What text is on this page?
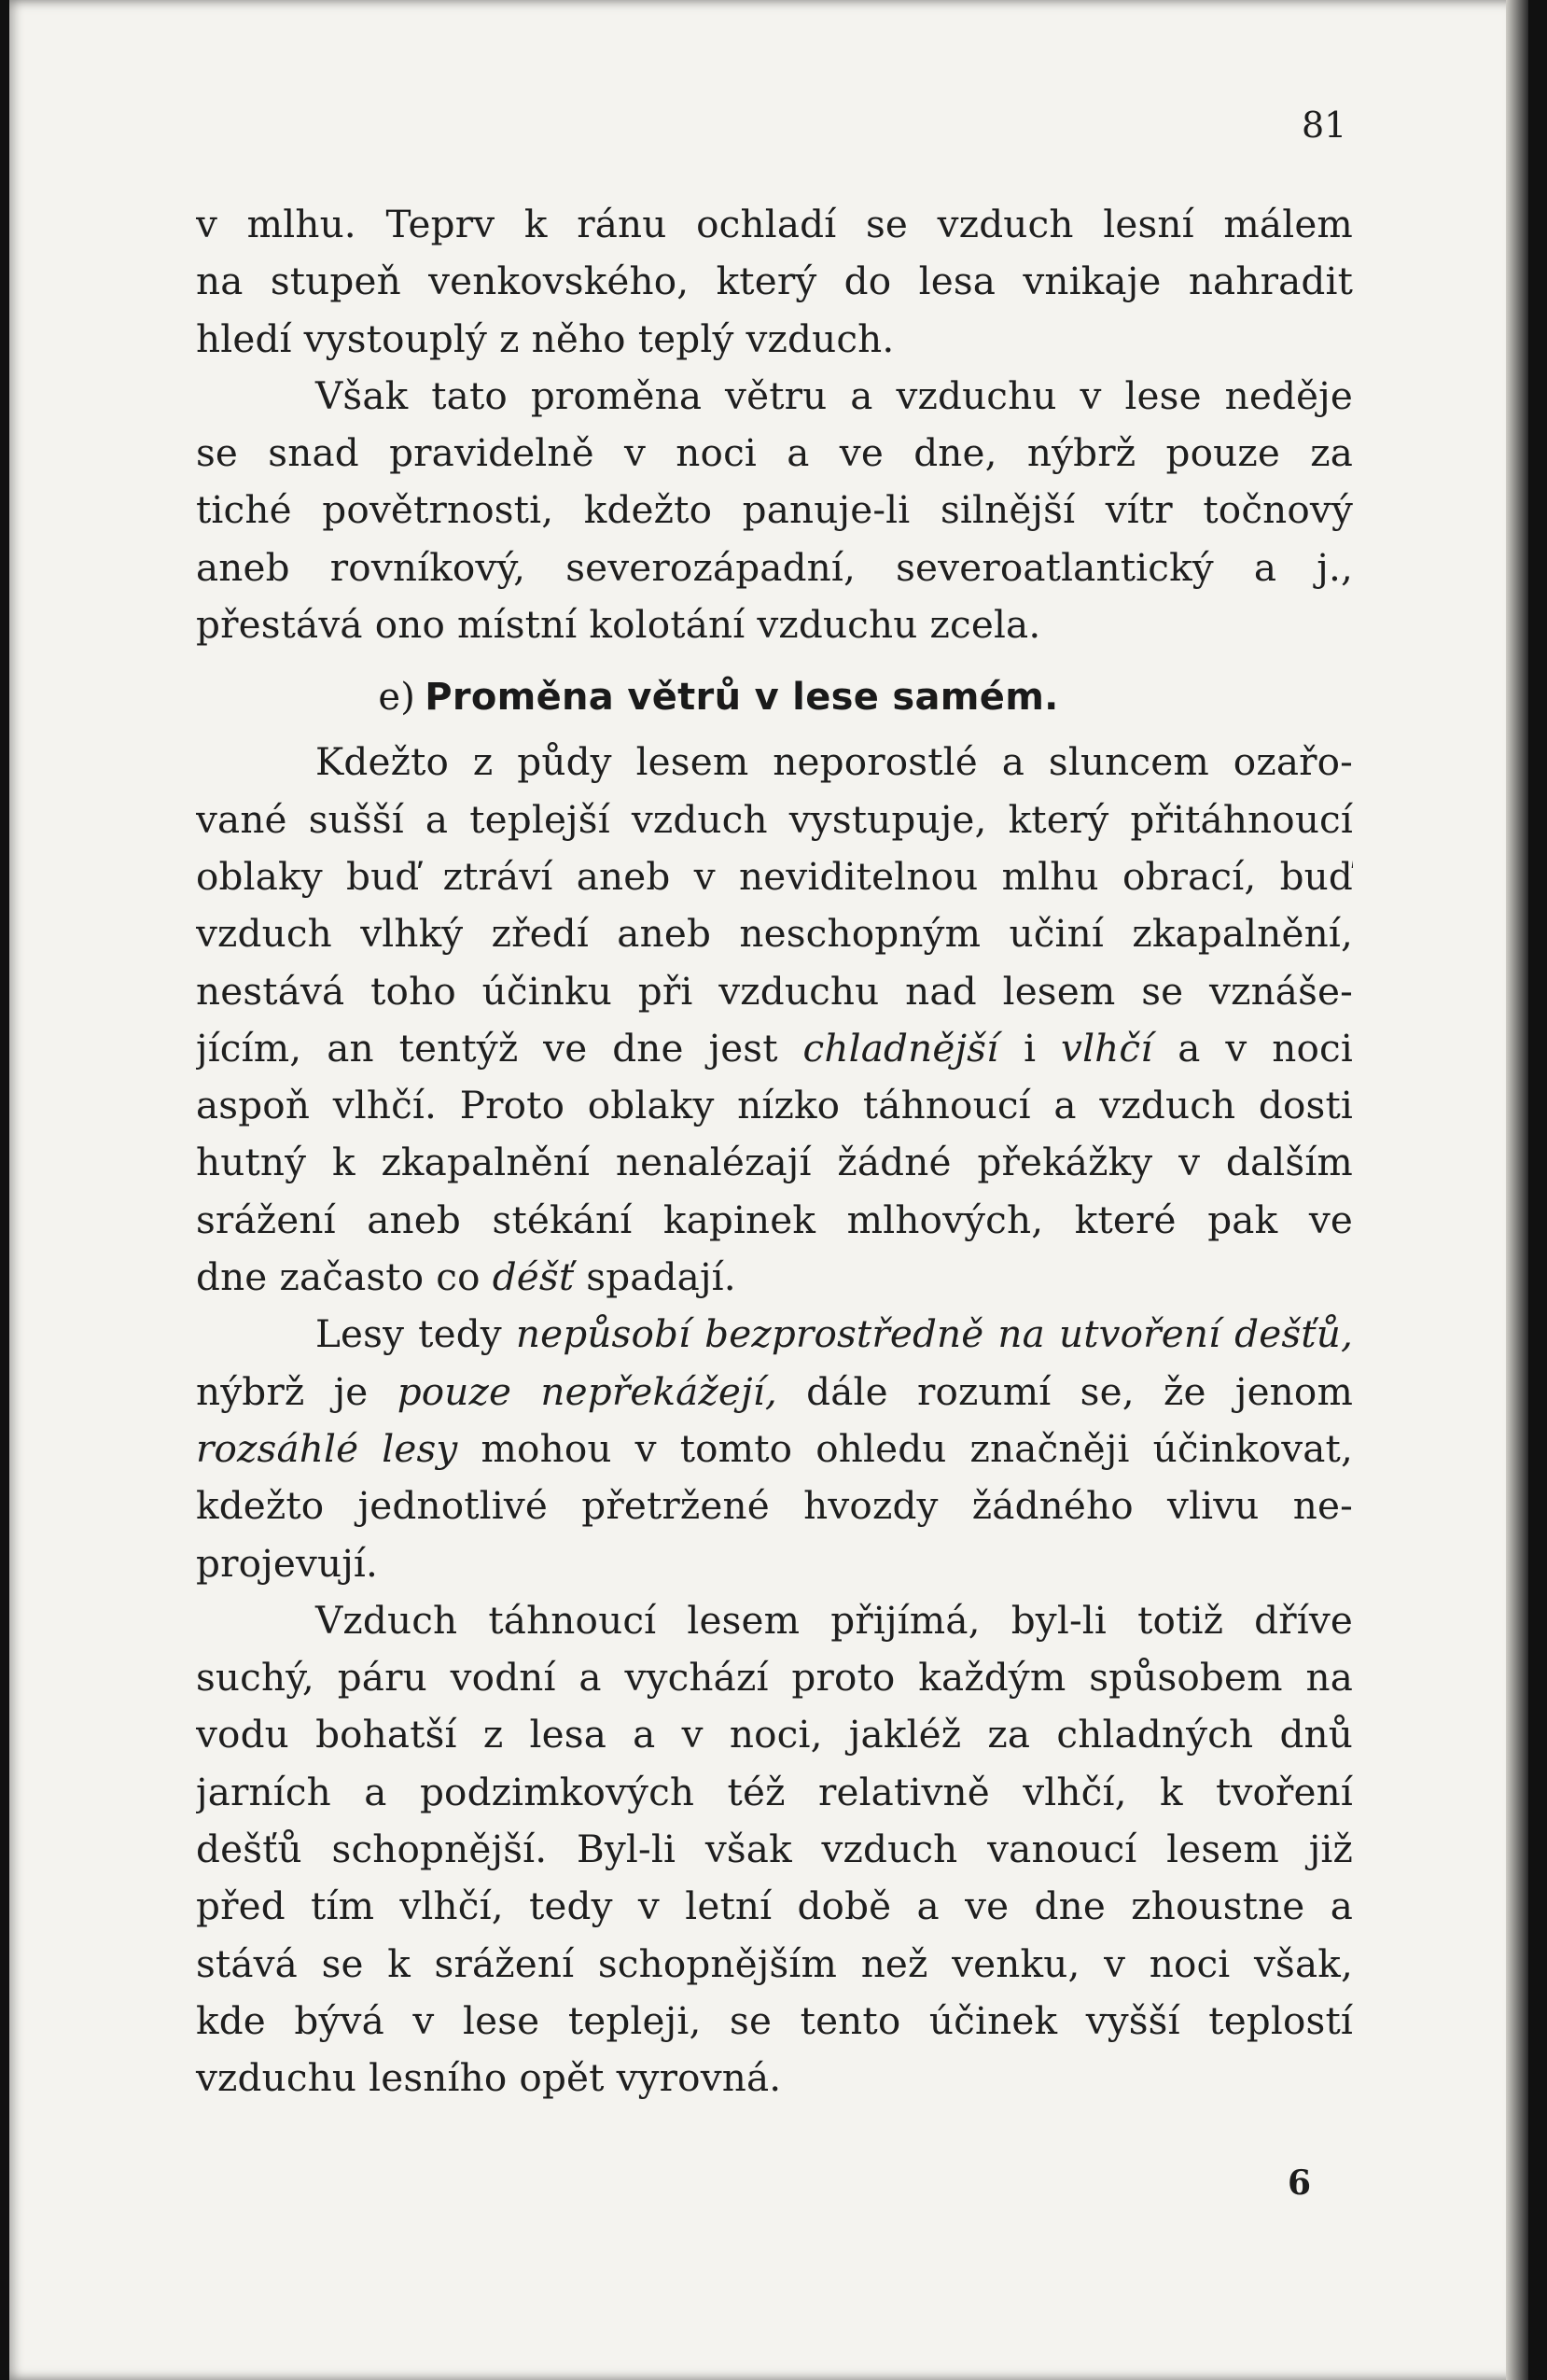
81
v mlhu. Teprv k ránu ochladí se vzduch lesní málem
na stupeň venkovského, který do lesa vnikaje nahradit
hledí vystouplý z něho teplý vzduch.
Však tato proměna větru a vzduchu v lese neděje
se snad pravidelně v noci a ve dne, nýbrž pouze za
tiché povětrnosti, kdežto panuje-li silnější vítr točnový
aneb rovníkový, severozápadní, severoatlantický a j.,
přestává ono místní kolotání vzduchu zcela.
e) Proměna větrů v lese samém.
Kdežto z půdy lesem neporostlé a sluncem ozařo-
vané sušší a teplejší vzduch vystupuje, který přitáhnoucí
oblaky buď ztráví aneb v neviditelnou mlhu obrací, buď
vzduch vlhký zředí aneb neschopným učiní zkapalnění,
nestává toho účinku při vzduchu nad lesem se vznáše-
jícím, an tentýž ve dne jest chladnější i vlhčí a v noci
aspoň vlhčí. Proto oblaky nízko táhnoucí a vzduch dosti
hutný k zkapalnění nenalézají žádné překážky v dalším
srážení aneb stékání kapinek mlhových, které pak ve
dne začasto co déšť spadají.
Lesy tedy nepůsobí bezprostředně na utvoření dešťů,
nýbrž je pouze nepřekážejí, dále rozumí se, že jenom
rozsáhlé lesy mohou v tomto ohledu značněji účinkovat,
kdežto jednotlivé přetržené hvozdy žádného vlivu ne-
projevují.
Vzduch táhnoucí lesem přijímá, byl-li totiž dříve
suchý, páru vodní a vychází proto každým spůsobem na
vodu bohatší z lesa a v noci, jakléž za chladných dnů
jarních a podzimkových též relativně vlhčí, k tvoření
dešťů schopnější. Byl-li však vzduch vanoucí lesem již
před tím vlhčí, tedy v letní době a ve dne zhoustne a
stává se k srážení schopnějším než venku, v noci však,
kde bývá v lese tepleji, se tento účinek vyšší teplostí
vzduchu lesního opět vyrovná.
6
